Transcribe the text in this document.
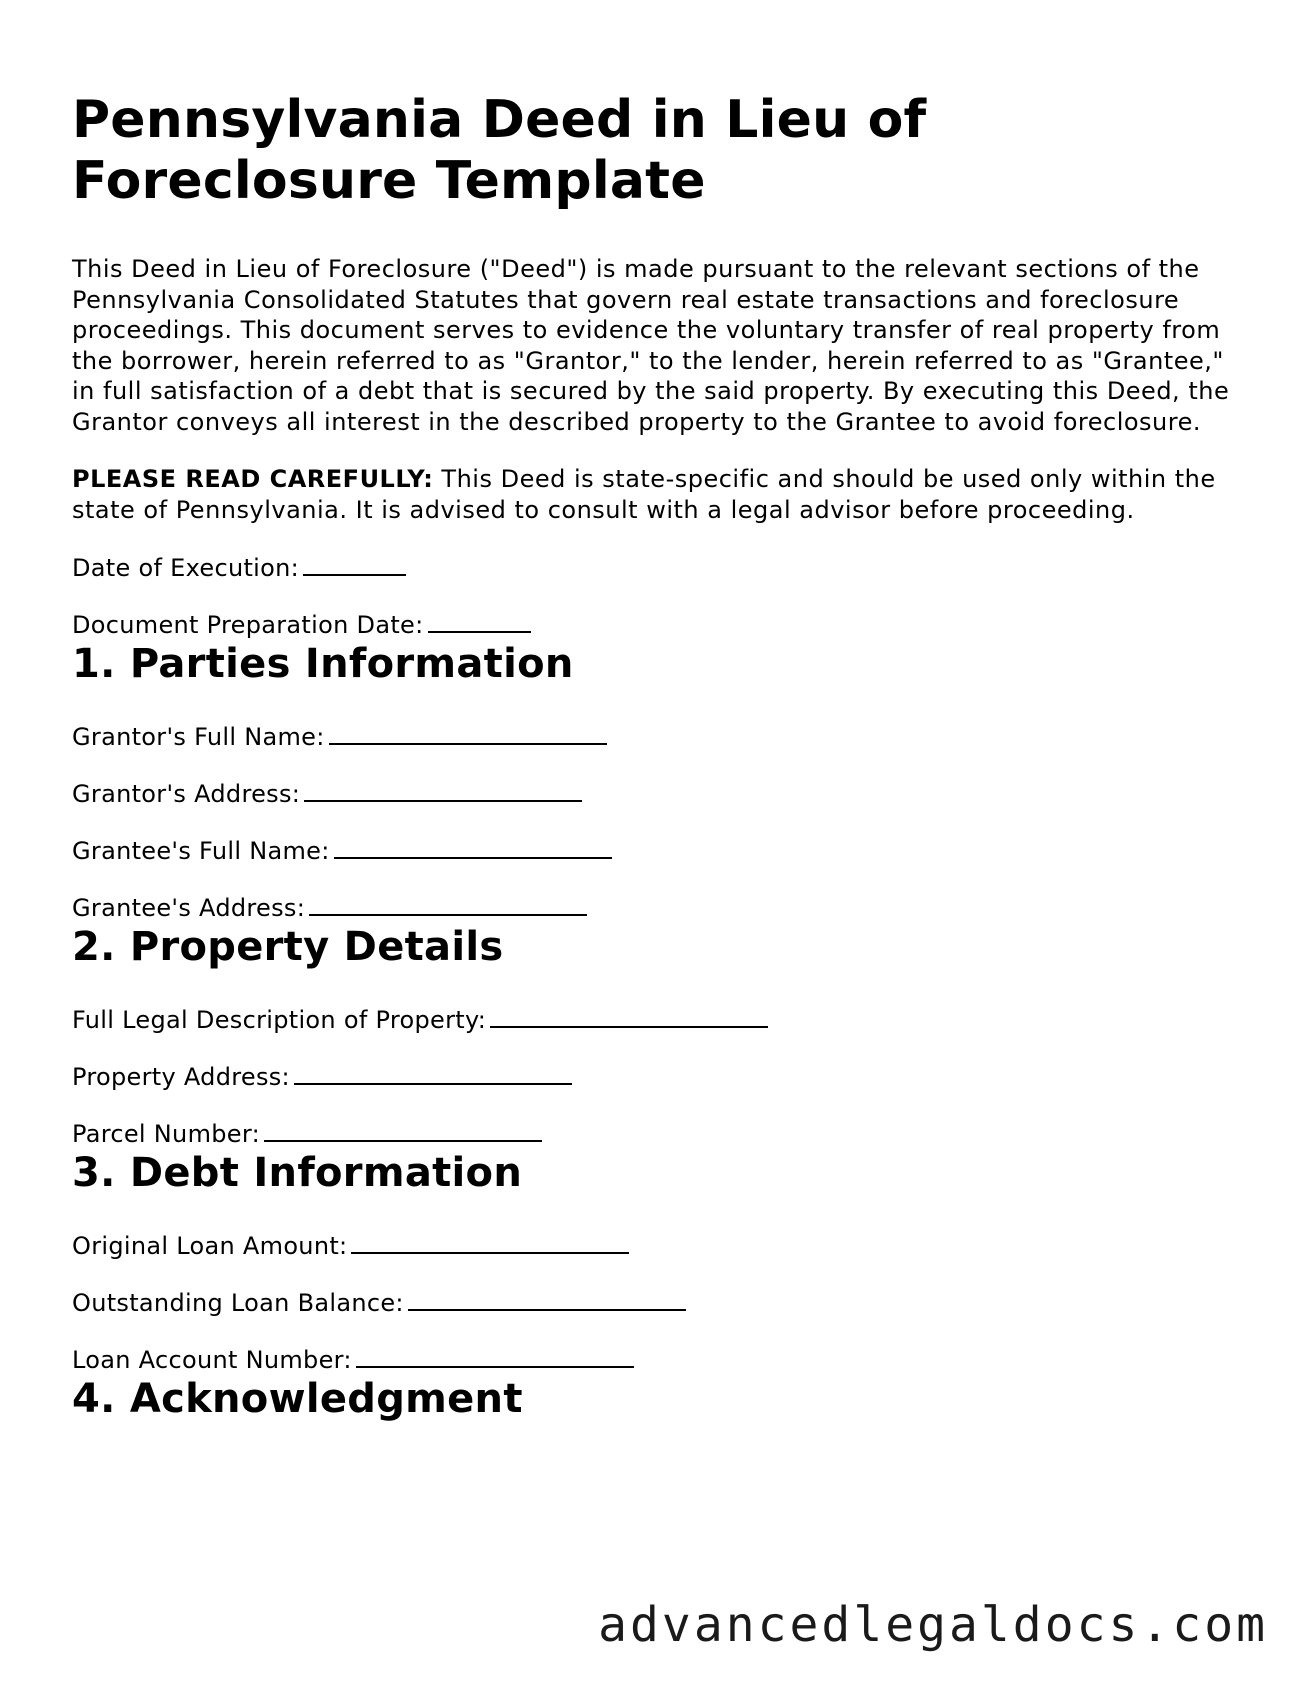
Pennsylvania Deed in Lieu of Foreclosure Template

This Deed in Lieu of Foreclosure ("Deed") is made pursuant to the relevant sections of the Pennsylvania Consolidated Statutes that govern real estate transactions and foreclosure proceedings. This document serves to evidence the voluntary transfer of real property from the borrower, herein referred to as "Grantor," to the lender, herein referred to as "Grantee," in full satisfaction of a debt that is secured by the said property. By executing this Deed, the Grantor conveys all interest in the described property to the Grantee to avoid foreclosure.

PLEASE READ CAREFULLY: This Deed is state-specific and should be used only within the state of Pennsylvania. It is advised to consult with a legal advisor before proceeding.

Date of Execution:

Document Preparation Date:

1. Parties Information

Grantor's Full Name:

Grantor's Address:

Grantee's Full Name:

Grantee's Address:

2. Property Details

Full Legal Description of Property:

Property Address:

Parcel Number:

3. Debt Information

Original Loan Amount:

Outstanding Loan Balance:

Loan Account Number:

4. Acknowledgment
advancedlegaldocs.com
